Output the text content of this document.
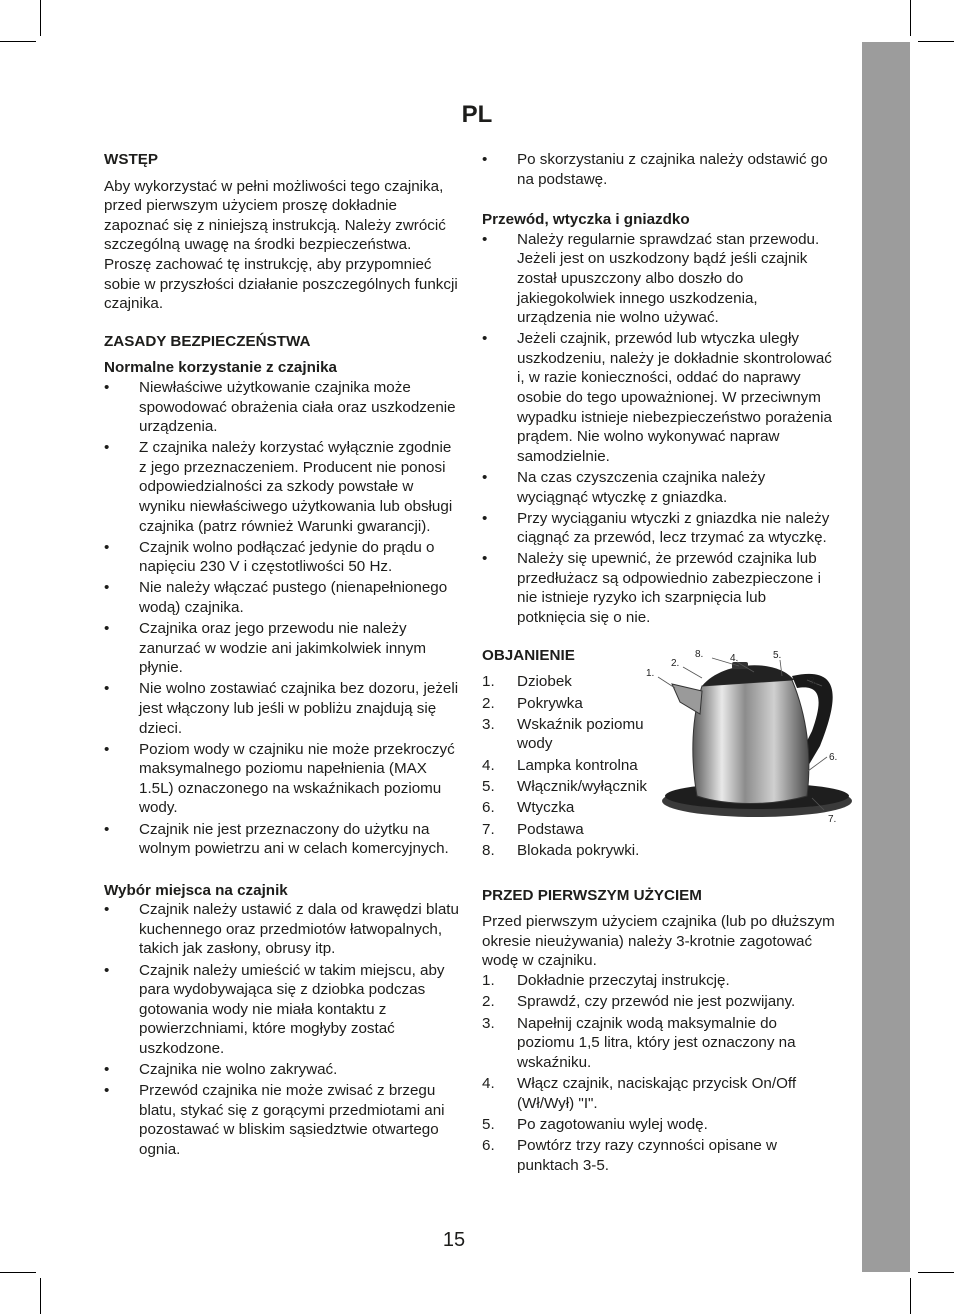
PL

WSTĘP

Aby wykorzystać w pełni możliwości tego czajnika, przed pierwszym użyciem proszę dokładnie zapoznać się z niniejszą instrukcją. Należy zwrócić szczególną uwagę na środki bezpieczeństwa. Proszę zachować tę instrukcję, aby przypomnieć sobie w przyszłości działanie poszczególnych funkcji czajnika.

ZASADY BEZPIECZEŃSTWA

Normalne korzystanie z czajnika

• Niewłaściwe użytkowanie czajnika może spowodować obrażenia ciała oraz uszkodzenie urządzenia.
• Z czajnika należy korzystać wyłącznie zgodnie z jego przeznaczeniem. Producent nie ponosi odpowiedzialności za szkody powstałe w wyniku niewłaściwego użytkowania lub obsługi czajnika (patrz również Warunki gwarancji).
• Czajnik wolno podłączać jedynie do prądu o napięciu 230 V i częstotliwości 50 Hz.
• Nie należy włączać pustego (nienapełnionego wodą) czajnika.
• Czajnika oraz jego przewodu nie należy zanurzać w wodzie ani jakimkolwiek innym płynie.
• Nie wolno zostawiać czajnika bez dozoru, jeżeli jest włączony lub jeśli w pobliżu znajdują się dzieci.
• Poziom wody w czajniku nie może przekroczyć maksymalnego poziomu napełnienia (MAX 1.5L) oznaczonego na wskaźnikach poziomu wody.
• Czajnik nie jest przeznaczony do użytku na wolnym powietrzu ani w celach komercyjnych.

Wybór miejsca na czajnik

• Czajnik należy ustawić z dala od krawędzi blatu kuchennego oraz przedmiotów łatwopalnych, takich jak zasłony, obrusy itp.
• Czajnik należy umieścić w takim miejscu, aby para wydobywająca się z dziobka podczas gotowania wody nie miała kontaktu z powierzchniami, które mogłyby zostać uszkodzone.
• Czajnika nie wolno zakrywać.
• Przewód czajnika nie może zwisać z brzegu blatu, stykać się z gorącymi przedmiotami ani pozostawać w bliskim sąsiedztwie otwartego ognia.
• Po skorzystaniu z czajnika należy odstawić go na podstawę.

Przewód, wtyczka i gniazdko

• Należy regularnie sprawdzać stan przewodu. Jeżeli jest on uszkodzony bądź jeśli czajnik został upuszczony albo doszło do jakiegokolwiek innego uszkodzenia, urządzenia nie wolno używać.
• Jeżeli czajnik, przewód lub wtyczka uległy uszkodzeniu, należy je dokładnie skontrolować i, w razie konieczności, oddać do naprawy osobie do tego upoważnionej. W przeciwnym wypadku istnieje niebezpieczeństwo porażenia prądem. Nie wolno wykonywać napraw samodzielnie.
• Na czas czyszczenia czajnika należy wyciągnąć wtyczkę z gniazdka.
• Przy wyciąganiu wtyczki z gniazdka nie należy ciągnąć za przewód, lecz trzymać za wtyczkę.
• Należy się upewnić, że przewód czajnika lub przedłużacz są odpowiednio zabezpieczone i nie istnieje ryzyko ich szarpnięcia lub potknięcia się o nie.

OBJANIENIE

1. Dziobek
2. Pokrywka
3. Wskaźnik poziomu wody
4. Lampka kontrolna
5. Włącznik/wyłącznik
6. Wtyczka
7. Podstawa
8. Blokada pokrywki.
1.
2.
8.	4.	5.
3.
6.
7.

PRZED PIERWSZYM UŻYCIEM

Przed pierwszym użyciem czajnika (lub po dłuższym okresie nieużywania) należy 3-krotnie zagotować wodę w czajniku.

1. Dokładnie przeczytaj instrukcję.
2. Sprawdź, czy przewód nie jest pozwijany.
3. Napełnij czajnik wodą maksymalnie do poziomu 1,5 litra, który jest oznaczony na wskaźniku.
4. Włącz czajnik, naciskając przycisk On/Off (Wł/Wył) "I".
5. Po zagotowaniu wylej wodę.
6. Powtórz trzy razy czynności opisane w punktach 3-5.
15
